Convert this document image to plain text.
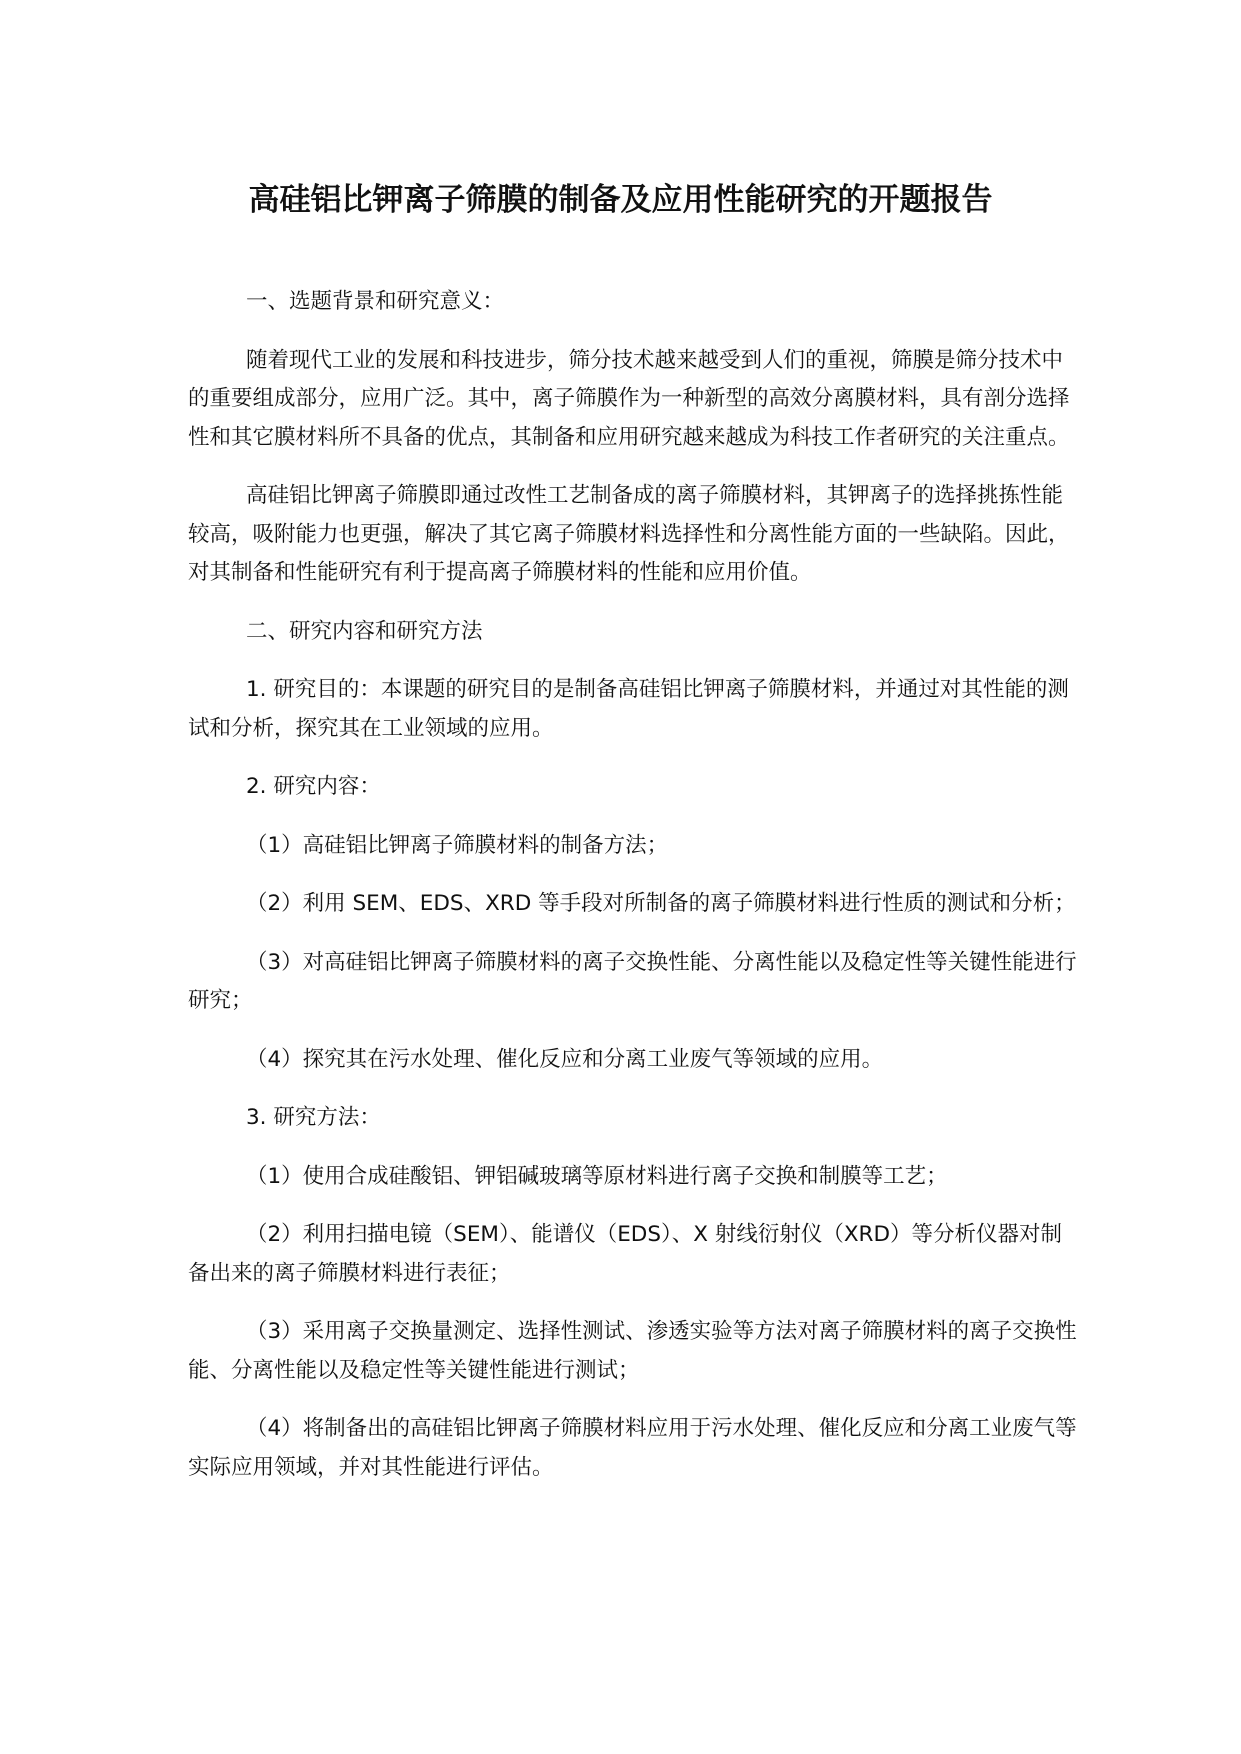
高硅铝比钾离子筛膜的制备及应用性能研究的开题报告

一、选题背景和研究意义：

随着现代工业的发展和科技进步，筛分技术越来越受到人们的重视，筛膜是筛分技术中的重要组成部分，应用广泛。其中，离子筛膜作为一种新型的高效分离膜材料，具有剖分选择性和其它膜材料所不具备的优点，其制备和应用研究越来越成为科技工作者研究的关注重点。

高硅铝比钾离子筛膜即通过改性工艺制备成的离子筛膜材料，其钾离子的选择挑拣性能较高，吸附能力也更强，解决了其它离子筛膜材料选择性和分离性能方面的一些缺陷。因此，对其制备和性能研究有利于提高离子筛膜材料的性能和应用价值。

二、研究内容和研究方法

1. 研究目的：本课题的研究目的是制备高硅铝比钾离子筛膜材料，并通过对其性能的测试和分析，探究其在工业领域的应用。

2. 研究内容：

（1）高硅铝比钾离子筛膜材料的制备方法；

（2）利用 SEM、EDS、XRD 等手段对所制备的离子筛膜材料进行性质的测试和分析；

（3）对高硅铝比钾离子筛膜材料的离子交换性能、分离性能以及稳定性等关键性能进行研究；

（4）探究其在污水处理、催化反应和分离工业废气等领域的应用。

3. 研究方法：

（1）使用合成硅酸铝、钾铝碱玻璃等原材料进行离子交换和制膜等工艺；

（2）利用扫描电镜（SEM）、能谱仪（EDS）、X 射线衍射仪（XRD）等分析仪器对制备出来的离子筛膜材料进行表征；

（3）采用离子交换量测定、选择性测试、渗透实验等方法对离子筛膜材料的离子交换性能、分离性能以及稳定性等关键性能进行测试；

（4）将制备出的高硅铝比钾离子筛膜材料应用于污水处理、催化反应和分离工业废气等实际应用领域，并对其性能进行评估。
